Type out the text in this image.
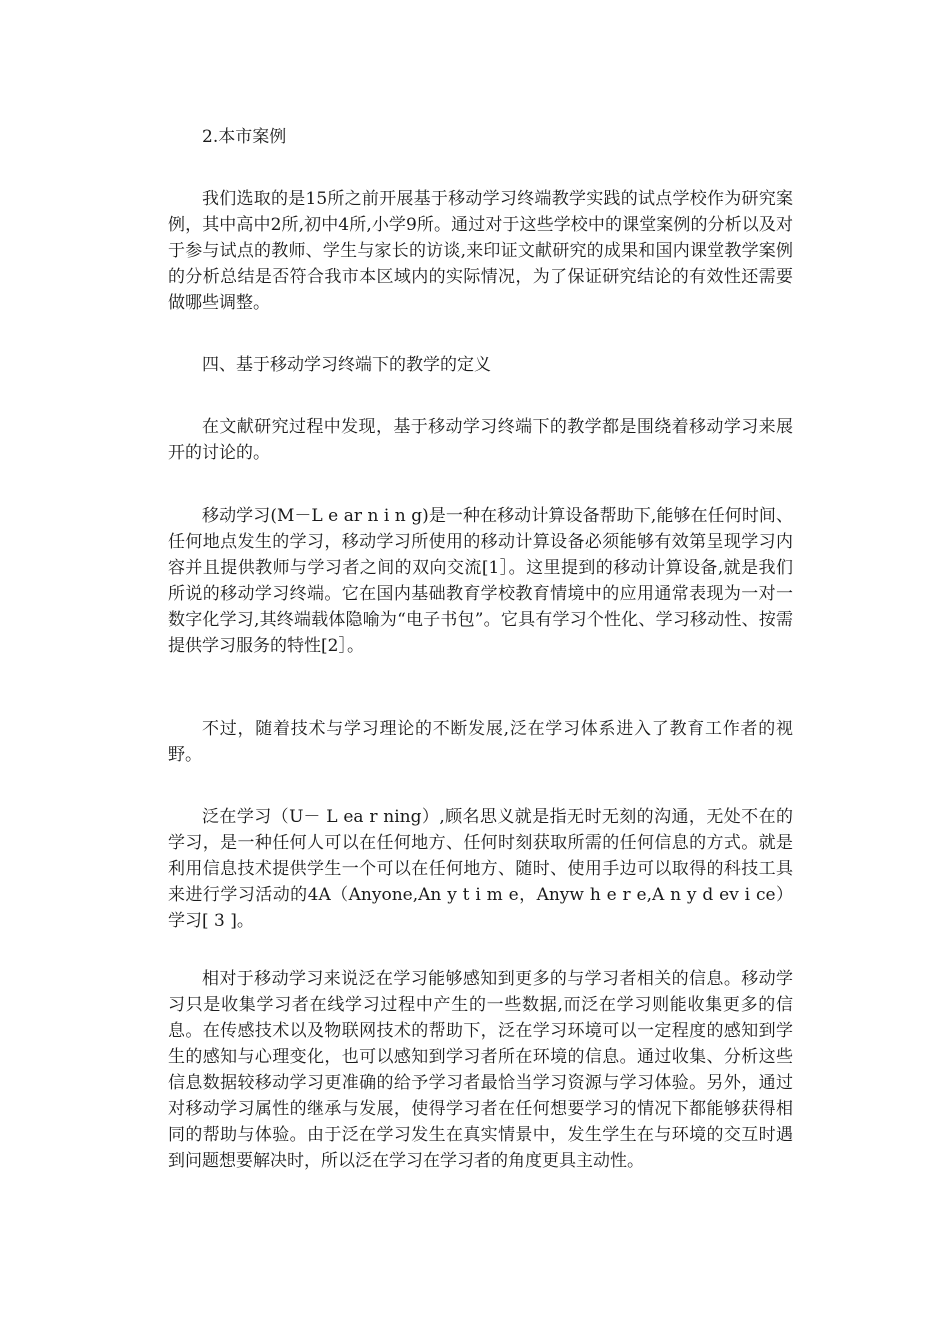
2.本市案例

我们选取的是15所之前开展基于移动学习终端教学实践的试点学校作为研究案例，其中高中2所,初中4所,小学9所。通过对于这些学校中的课堂案例的分析以及对于参与试点的教师、学生与家长的访谈,来印证文献研究的成果和国内课堂教学案例的分析总结是否符合我市本区域内的实际情况，为了保证研究结论的有效性还需要做哪些调整。

四、基于移动学习终端下的教学的定义

在文献研究过程中发现，基于移动学习终端下的教学都是围绕着移动学习来展开的讨论的。

移动学习(M－L e ar n i n g)是一种在移动计算设备帮助下,能够在任何时间、任何地点发生的学习，移动学习所使用的移动计算设备必须能够有效第呈现学习内容并且提供教师与学习者之间的双向交流[1］。这里提到的移动计算设备,就是我们所说的移动学习终端。它在国内基础教育学校教育情境中的应用通常表现为一对一数字化学习,其终端载体隐喻为“电子书包”。它具有学习个性化、学习移动性、按需提供学习服务的特性[2］。

不过，随着技术与学习理论的不断发展,泛在学习体系进入了教育工作者的视野。

泛在学习（U－ L ea r ning）,顾名思义就是指无时无刻的沟通，无处不在的学习，是一种任何人可以在任何地方、任何时刻获取所需的任何信息的方式。就是利用信息技术提供学生一个可以在任何地方、随时、使用手边可以取得的科技工具来进行学习活动的4A（Anyone,An y t i m e，Anyw h e r e,A n y d ev i ce）学习[ 3 ]。

相对于移动学习来说泛在学习能够感知到更多的与学习者相关的信息。移动学习只是收集学习者在线学习过程中产生的一些数据,而泛在学习则能收集更多的信息。在传感技术以及物联网技术的帮助下，泛在学习环境可以一定程度的感知到学生的感知与心理变化，也可以感知到学习者所在环境的信息。通过收集、分析这些信息数据较移动学习更准确的给予学习者最恰当学习资源与学习体验。另外，通过对移动学习属性的继承与发展，使得学习者在任何想要学习的情况下都能够获得相同的帮助与体验。由于泛在学习发生在真实情景中，发生学生在与环境的交互时遇到问题想要解决时，所以泛在学习在学习者的角度更具主动性。
